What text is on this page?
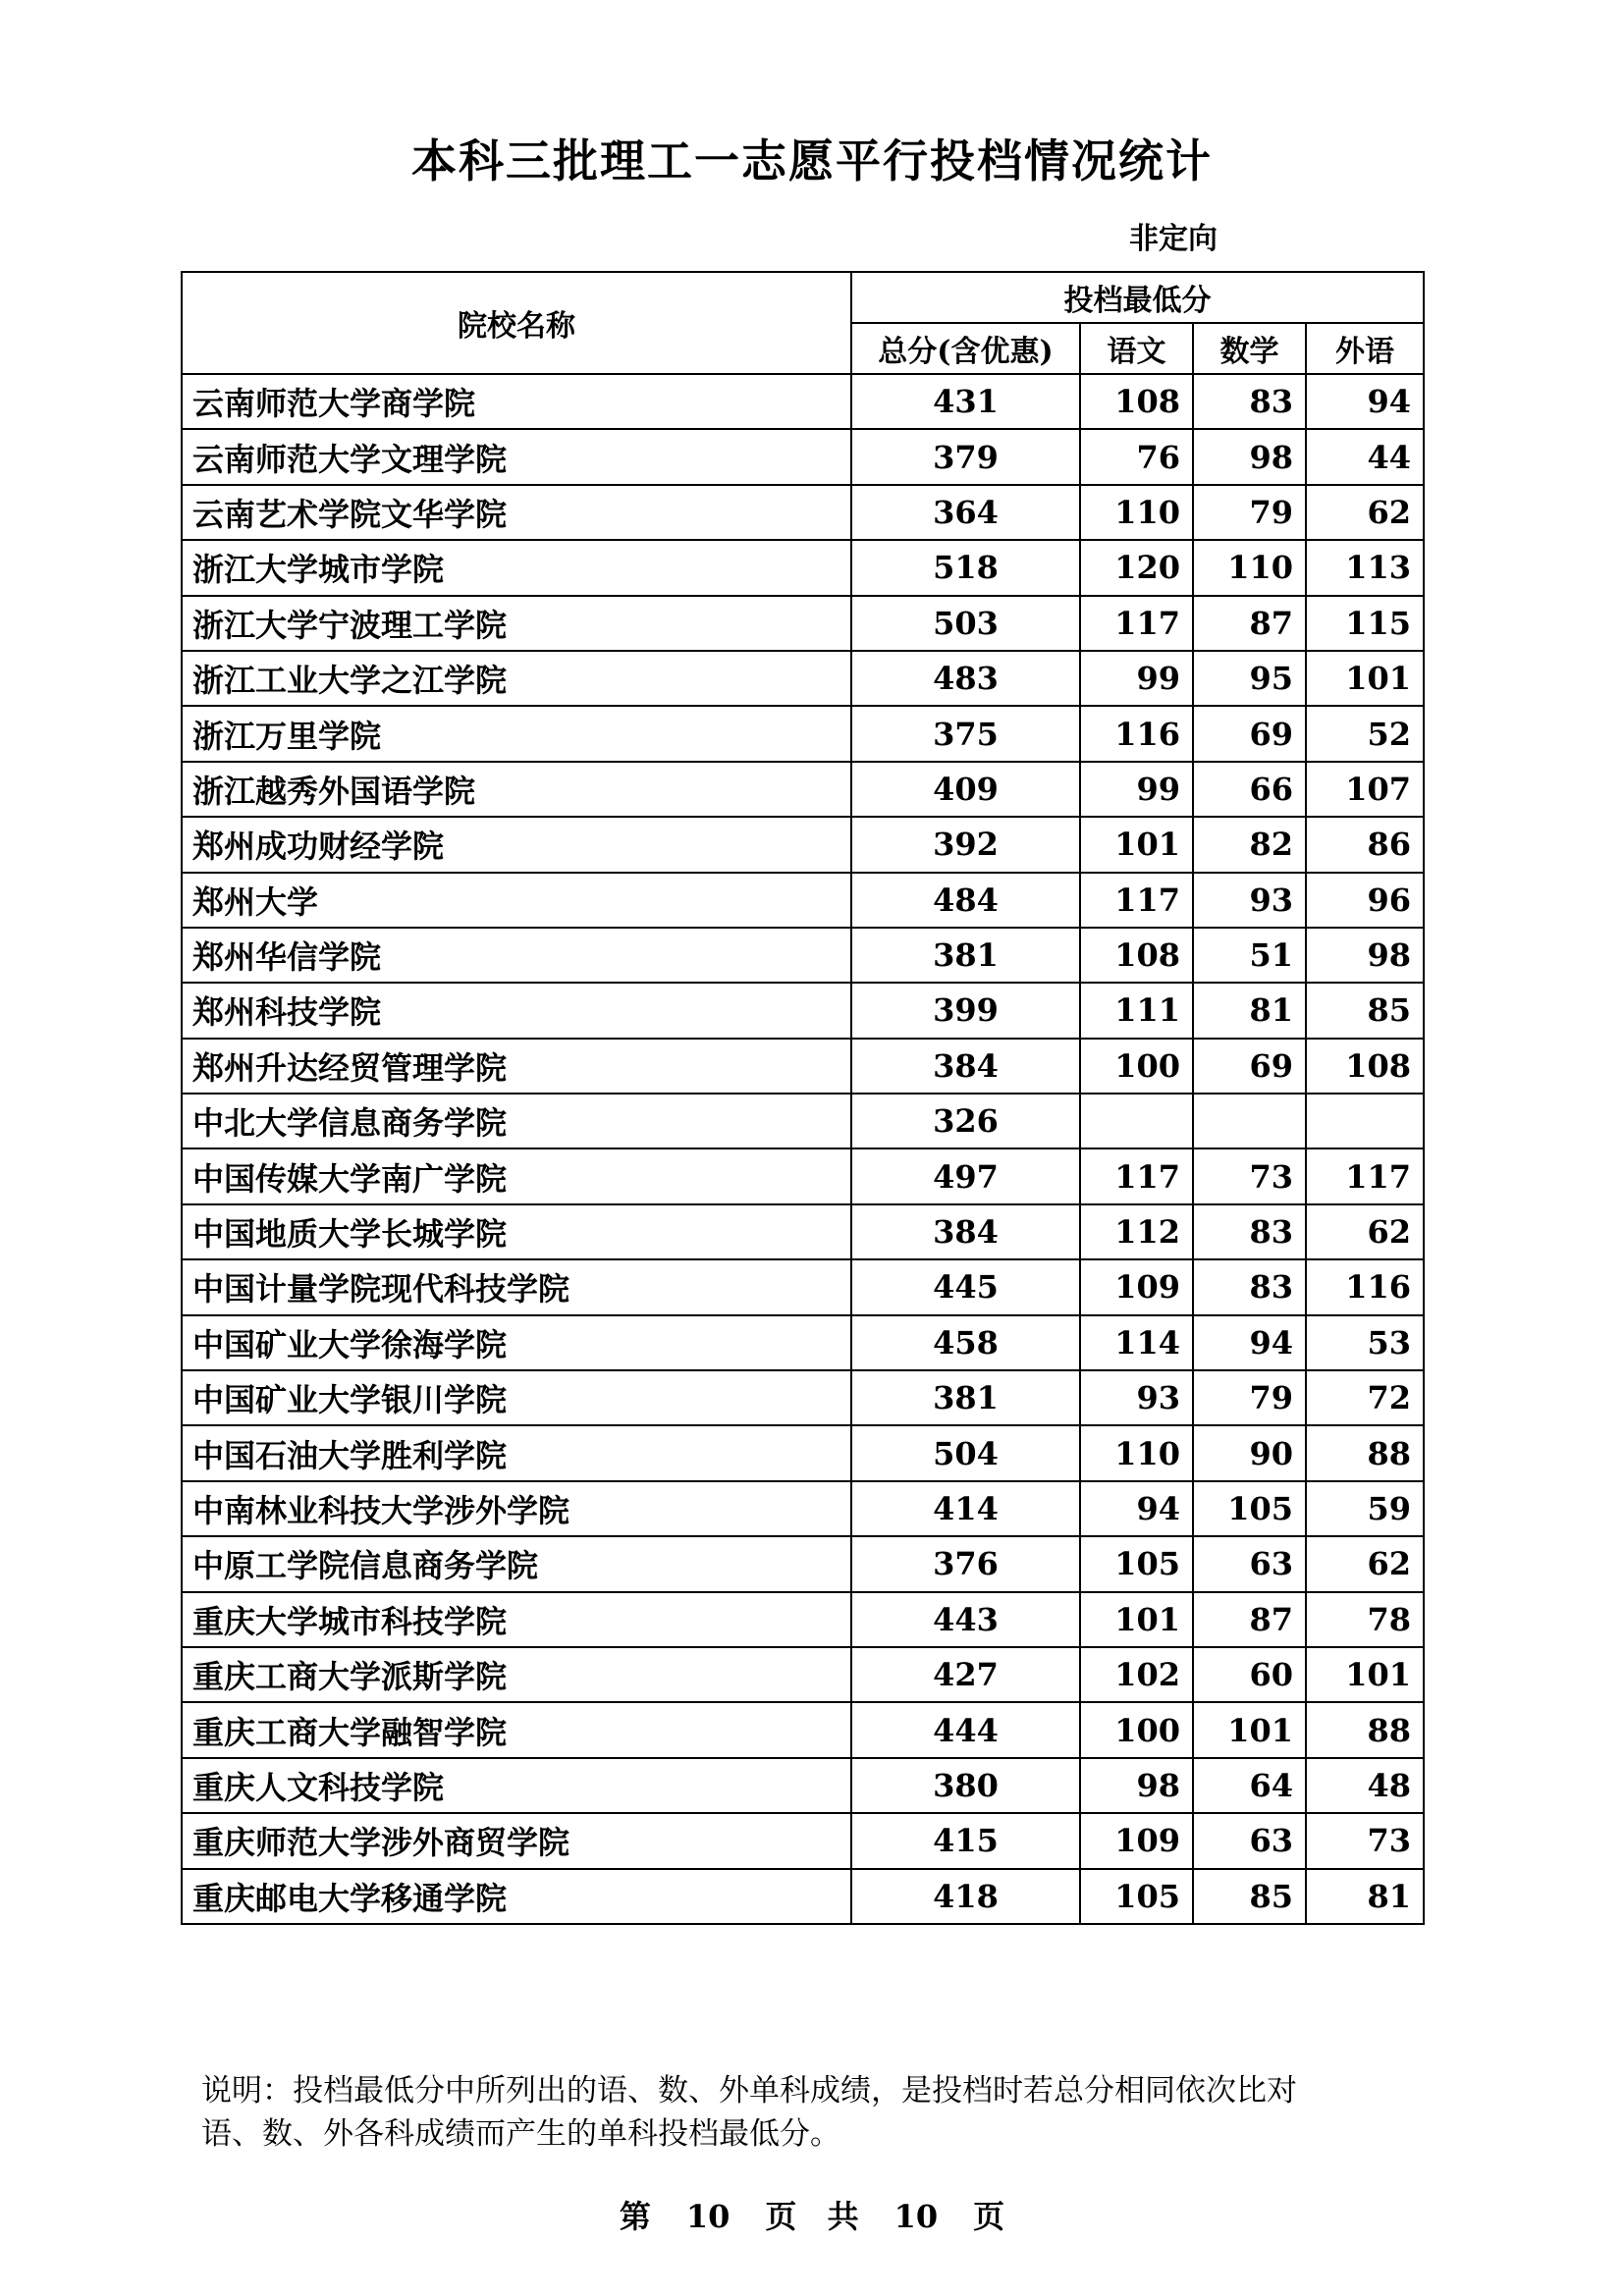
本科三批理工一志愿平行投档情况统计
非定向
院校名称	投档最低分			
	总分(含优惠)	语文	数学	外语
云南师范大学商学院	431	108	83	94
云南师范大学文理学院	379	76	98	44
云南艺术学院文华学院	364	110	79	62
浙江大学城市学院	518	120	110	113
浙江大学宁波理工学院	503	117	87	115
浙江工业大学之江学院	483	99	95	101
浙江万里学院	375	116	69	52
浙江越秀外国语学院	409	99	66	107
郑州成功财经学院	392	101	82	86
郑州大学	484	117	93	96
郑州华信学院	381	108	51	98
郑州科技学院	399	111	81	85
郑州升达经贸管理学院	384	100	69	108
中北大学信息商务学院	326			
中国传媒大学南广学院	497	117	73	117
中国地质大学长城学院	384	112	83	62
中国计量学院现代科技学院	445	109	83	116
中国矿业大学徐海学院	458	114	94	53
中国矿业大学银川学院	381	93	79	72
中国石油大学胜利学院	504	110	90	88
中南林业科技大学涉外学院	414	94	105	59
中原工学院信息商务学院	376	105	63	62
重庆大学城市科技学院	443	101	87	78
重庆工商大学派斯学院	427	102	60	101
重庆工商大学融智学院	444	100	101	88
重庆人文科技学院	380	98	64	48
重庆师范大学涉外商贸学院	415	109	63	73
重庆邮电大学移通学院	418	105	85	81
说明：投档最低分中所列出的语、数、外单科成绩，是投档时若总分相同依次比对
语、数、外各科成绩而产生的单科投档最低分。
第 10 页 共 10 页
